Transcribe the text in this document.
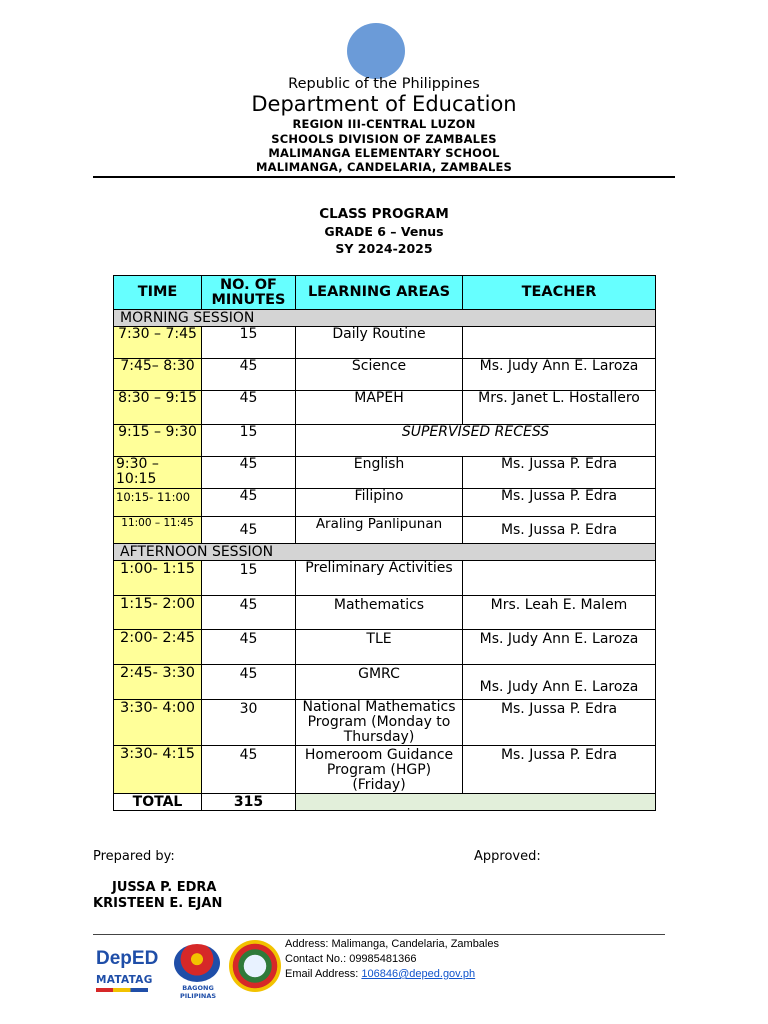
Republic of the Philippines
Department of Education
REGION III-CENTRAL LUZON
SCHOOLS DIVISION OF ZAMBALES
MALIMANGA ELEMENTARY SCHOOL
MALIMANGA, CANDELARIA, ZAMBALES
CLASS PROGRAM
GRADE 6 – Venus
SY 2024-2025
TIME	NO. OF MINUTES	LEARNING AREAS	TEACHER
MORNING SESSION			
7:30 – 7:45	15	Daily Routine	
7:45– 8:30	45	Science	Ms. Judy Ann E. Laroza
8:30 – 9:15	45	MAPEH	Mrs. Janet L. Hostallero
9:15 – 9:30	15	SUPERVISED RECESS	
9:30 – 10:15	45	English	Ms. Jussa P. Edra
10:15- 11:00	45	Filipino	Ms. Jussa P. Edra
11:00 – 11:45	45	Araling Panlipunan	Ms. Jussa P. Edra
AFTERNOON SESSION			
1:00- 1:15	15	Preliminary Activities	
1:15- 2:00	45	Mathematics	Mrs. Leah E. Malem
2:00- 2:45	45	TLE	Ms. Judy Ann E. Laroza
2:45- 3:30	45	GMRC	Ms. Judy Ann E. Laroza
3:30- 4:00	30	National Mathematics Program (Monday to Thursday)	Ms. Jussa P. Edra
3:30- 4:15	45	Homeroom Guidance Program (HGP) (Friday)	Ms. Jussa P. Edra
TOTAL	315		
Prepared by:	Approved:
JUSSA P. EDRA
KRISTEEN E. EJAN
DepED
MATATAG
BAGONG PILIPINAS
Address: Malimanga, Candelaria, Zambales
Contact No.: 09985481366
Email Address: 106846@deped.gov.ph
